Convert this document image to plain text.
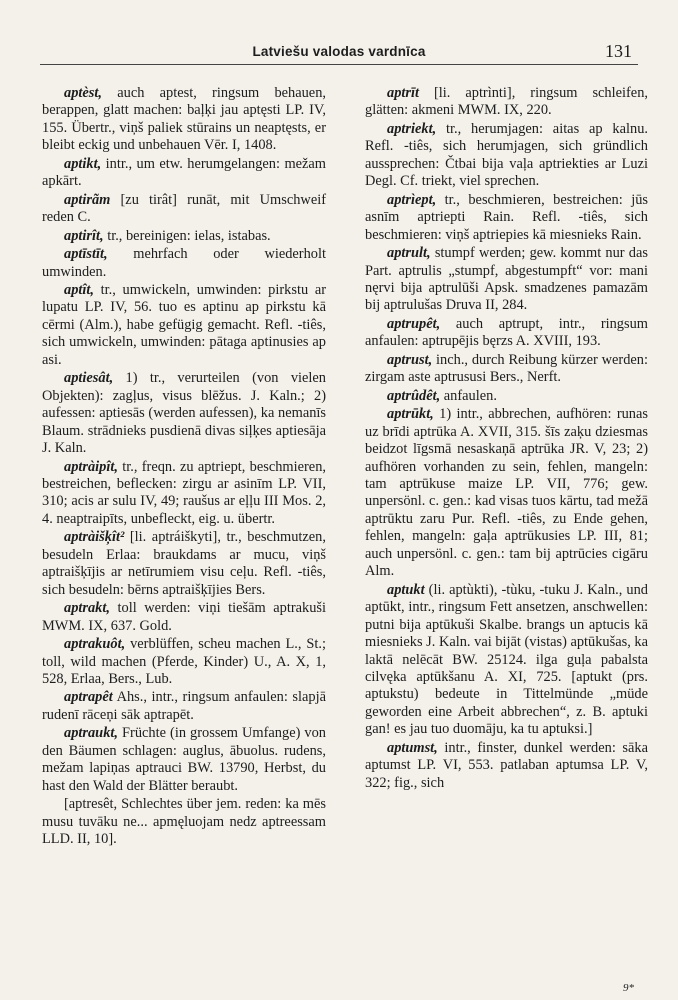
Latviešu valodas vardnīca	131

aptèst, auch aptest, ringsum behauen, berappen, glatt machen: baļķi jau aptęsti LP. IV, 155. Übertr., viņš paliek stūrains un neaptęsts, er bleibt eckig und unbehauen Vēr. I, 1408.

aptikt, intr., um etw. herumgelangen: mežam apkārt.

aptirãm [zu tirât] runāt, mit Umschweif reden C.

aptirît, tr., bereinigen: ielas, istabas.

aptīstīt, mehrfach oder wiederholt umwinden.

aptît, tr., umwickeln, umwinden: pirkstu ar lupatu LP. IV, 56. tuo es aptinu ap pirkstu kā cērmi (Alm.), habe gefügig gemacht. Refl. -tiês, sich umwickeln, umwinden: pātaga aptinusies ap asi.

aptiesât, 1) tr., verurteilen (von vielen Objekten): zagļus, visus blēžus. J. Kaln.; 2) aufessen: aptiesās (werden aufessen), ka nemanīs Blaum. strādnieks pusdienā divas siļķes aptiesāja J. Kaln.

aptràipît, tr., freqn. zu aptriept, beschmieren, bestreichen, beflecken: zirgu ar asinīm LP. VII, 310; acis ar sulu IV, 49; raušus ar eļļu III Mos. 2, 4. neaptraipīts, unbefleckt, eig. u. übertr.

aptràišķît² [li. aptráiškyti], tr., beschmutzen, besudeln Erlaa: braukdams ar mucu, viņš aptraišķījis ar netīrumiem visu ceļu. Refl. -tiês, sich besudeln: bērns aptraišķījies Bers.

aptrakt, toll werden: viņi tiešām aptrakuši MWM. IX, 637. Gold.

aptrakuôt, verblüffen, scheu machen L., St.; toll, wild machen (Pferde, Kinder) U., A. X, 1, 528, Erlaa, Bers., Lub.

aptrapêt Ahs., intr., ringsum anfaulen: slapjā rudenī rāceņi sāk aptrapēt.

aptraukt, Früchte (in grossem Umfange) von den Bäumen schlagen: auglus, ābuolus. rudens, mežam lapiņas aptrauci BW. 13790, Herbst, du hast den Wald der Blätter beraubt.

[aptresêt, Schlechtes über jem. reden: ka mēs musu tuvāku ne... apmęluojam nedz aptreessam LLD. II, 10].

aptrīt [li. aptrìnti], ringsum schleifen, glätten: akmeni MWM. IX, 220.

aptriekt, tr., herumjagen: aitas ap kalnu. Refl. -tiês, sich herumjagen, sich gründlich aussprechen: Čtbai bija vaļa aptriekties ar Luzi Degl. Cf. triekt, viel sprechen.

aptrìept, tr., beschmieren, bestreichen: jūs asnīm aptriepti Rain. Refl. -tiês, sich beschmieren: viņš aptriepies kā miesnieks Rain.

aptrult, stumpf werden; gew. kommt nur das Part. aptrulis „stumpf, abgestumpft“ vor: mani nęrvi bija aptrulūši Apsk. smadzenes pamazām bij aptrulušas Druva II, 284.

aptrupêt, auch aptrupt, intr., ringsum anfaulen: aptrupējis bęrzs A. XVIII, 193.

aptrust, inch., durch Reibung kürzer werden: zirgam aste aptrususi Bers., Nerft.

aptrûdêt, anfaulen.

aptrūkt, 1) intr., abbrechen, aufhören: runas uz brīdi aptrūka A. XVII, 315. šīs zaķu dziesmas beidzot līgsmā nesaskaņā aptrūka JR. V, 23; 2) aufhören vorhanden zu sein, fehlen, mangeln: tam aptrūkuse maize LP. VII, 776; gew. unpersönl. c. gen.: kad visas tuos kārtu, tad mežā aptrūktu zaru Pur. Refl. -tiês, zu Ende gehen, fehlen, mangeln: gaļa aptrūkusies LP. III, 81; auch unpersönl. c. gen.: tam bij aptrūcies cigāru Alm.

aptukt (li. aptùkti), -tùku, -tuku J. Kaln., und aptūkt, intr., ringsum Fett ansetzen, anschwellen: putni bija aptūkuši Skalbe. brangs un aptucis kā miesnieks J. Kaln. vai bijāt (vistas) aptūkušas, ka laktā nelēcāt BW. 25124. ilga guļa pabalsta cilvęka aptūkšanu A. XI, 725. [aptukt (prs. aptukstu) bedeute in Tittelmünde „müde geworden eine Arbeit abbrechen“, z. B. aptuki gan! es jau tuo duomāju, ka tu aptuksi.]

aptumst, intr., finster, dunkel werden: sāka aptumst LP. VI, 553. patlaban aptumsa LP. V, 322; fig., sich

9*
